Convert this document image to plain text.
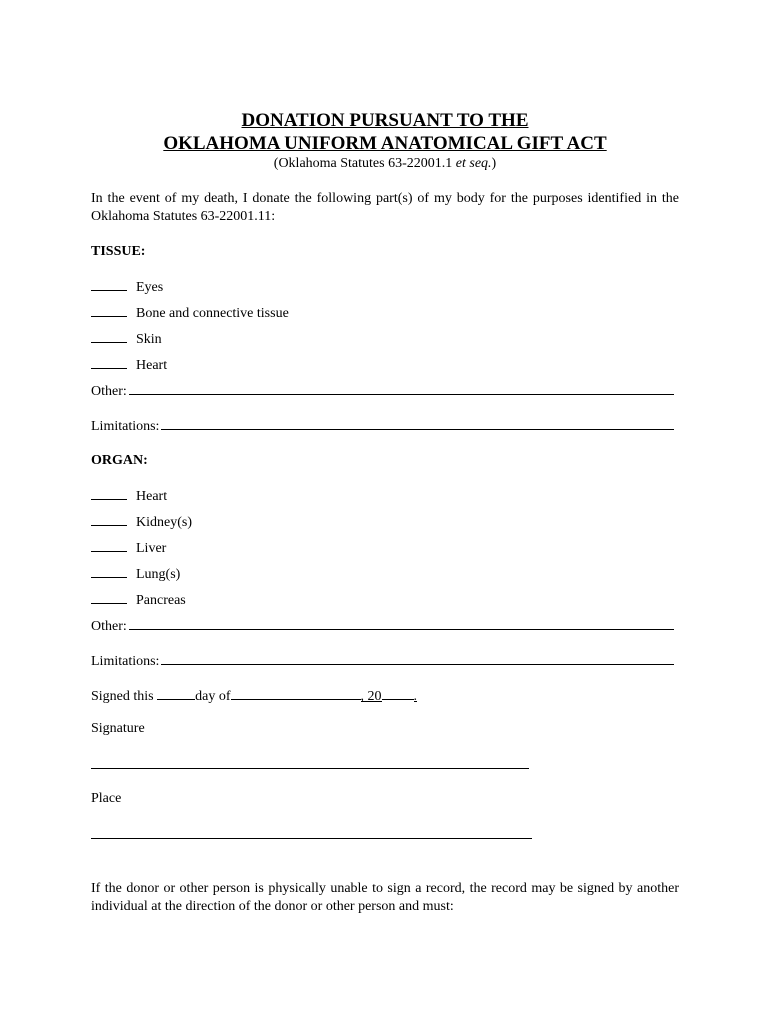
DONATION PURSUANT TO THE
OKLAHOMA UNIFORM ANATOMICAL GIFT ACT
(Oklahoma Statutes 63-22001.1 et seq.)
In the event of my death, I donate the following part(s) of my body for the purposes identified in the Oklahoma Statutes 63-22001.11:
TISSUE:
Eyes
Bone and connective tissue
Skin
Heart
Other:
Limitations:
ORGAN:
Heart
Kidney(s)
Liver
Lung(s)
Pancreas
Other:
Limitations:
Signed this	day of	, 20 .
Signature
Place
If the donor or other person is physically unable to sign a record, the record may be signed by another individual at the direction of the donor or other person and must:
